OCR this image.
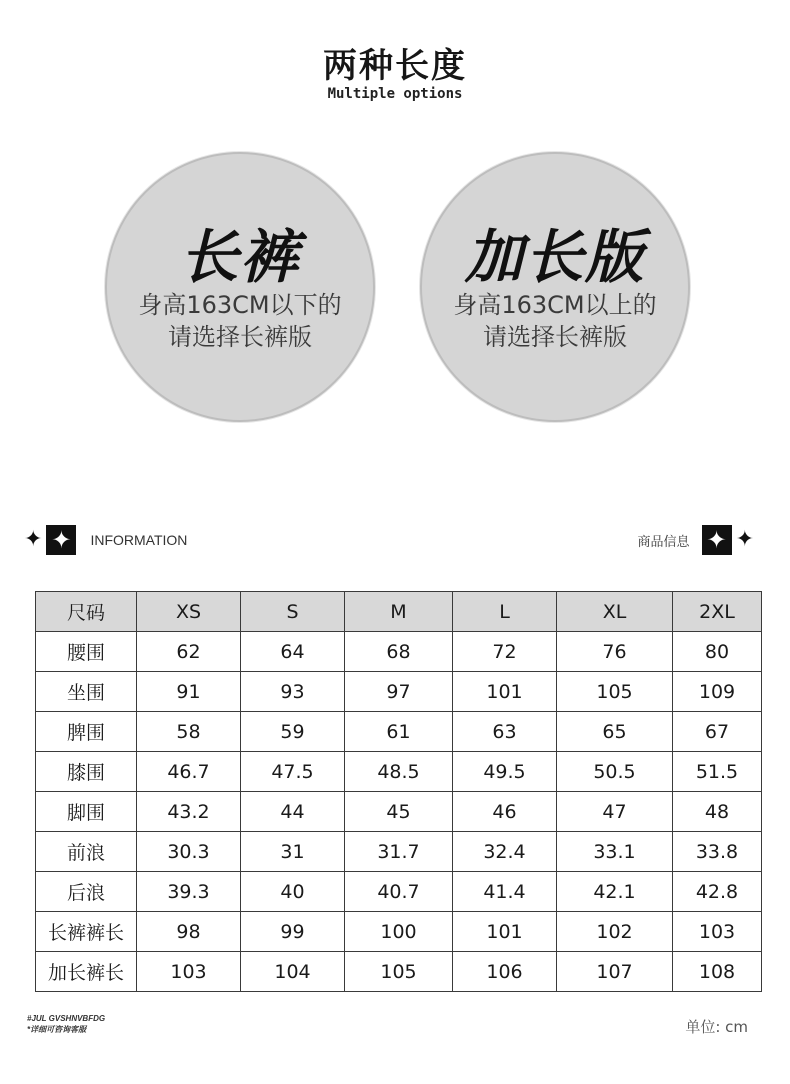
两种长度
Multiple options
长裤
身高163CM以下的
请选择长裤版
加长版
身高163CM以上的
请选择长裤版
✦ ✦	INFORMATION	商品信息 ✦ ✦
尺码	XS	S	M	L	XL	2XL
腰围	62	64	68	72	76	80
坐围	91	93	97	101	105	109
脾围	58	59	61	63	65	67
膝围	46.7	47.5	48.5	49.5	50.5	51.5
脚围	43.2	44	45	46	47	48
前浪	30.3	31	31.7	32.4	33.1	33.8
后浪	39.3	40	40.7	41.4	42.1	42.8
长裤裤长	98	99	100	101	102	103
加长裤长	103	104	105	106	107	108
#JUL GVSHNVBFDG
*详细可咨询客服	单位: cm
